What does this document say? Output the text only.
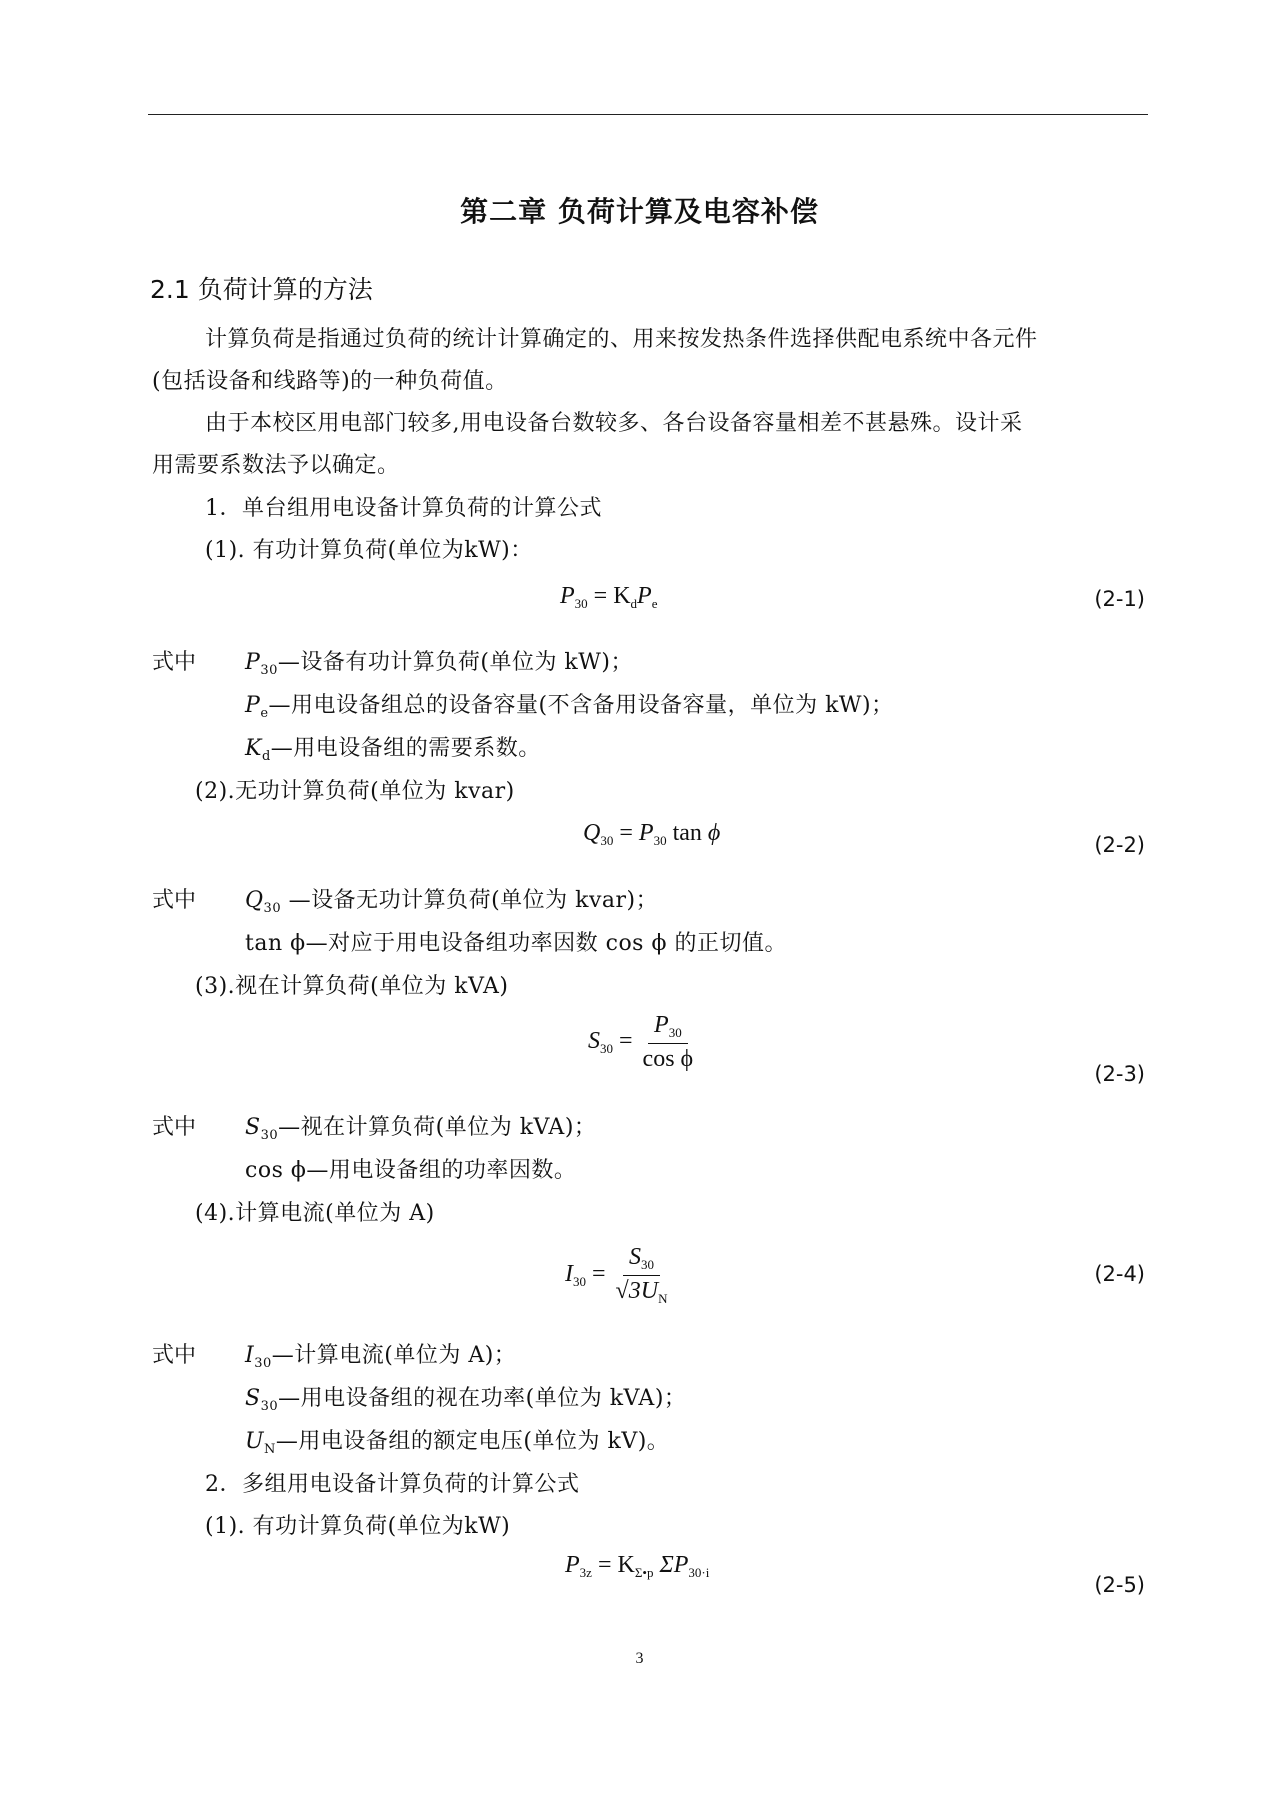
第二章 负荷计算及电容补偿
2.1 负荷计算的方法
计算负荷是指通过负荷的统计计算确定的、用来按发热条件选择供配电系统中各元件
(包括设备和线路等)的一种负荷值。
由于本校区用电部门较多,用电设备台数较多、各台设备容量相差不甚悬殊。设计采
用需要系数法予以确定。
1．单台组用电设备计算负荷的计算公式
(1). 有功计算负荷(单位为kW)：
$P_{30} = K_dP_e$	(2-1)
式中 $P_{30}—$设备有功计算负荷(单位为 kW)；
$P_e—$用电设备组总的设备容量(不含备用设备容量，单位为 kW)；
$K_d—$用电设备组的需要系数。
(2).无功计算负荷(单位为 kvar)
$Q_{30} = P_{30}$ tan ϕ	(2-2)
式中 $Q_{30}$ —设备无功计算负荷(单位为 kvar)；
tan ϕ—对应于用电设备组功率因数 cos ϕ 的正切值。
(3).视在计算负荷(单位为 kVA)
$S_{30} = \frac{P_{30}}{\text{cos ϕ}}$
(2-3)
式中 $S_{30}—$视在计算负荷(单位为 kVA)；
cos ϕ—用电设备组的功率因数。
(4).计算电流(单位为 A)
$I_{30} = \frac{S_{30}}{√3U_N}$	(2-4)
式中 $I_{30}—$计算电流(单位为 A)；
$S_{30}—$用电设备组的视在功率(单位为 kVA)；
$U_N—$用电设备组的额定电压(单位为 kV)。
2．多组用电设备计算负荷的计算公式
(1). 有功计算负荷(单位为kW)
$P_{3z} = K_{\Sigma•p}$ $\Sigma P_{30\cdot i}$
(2-5)
3
